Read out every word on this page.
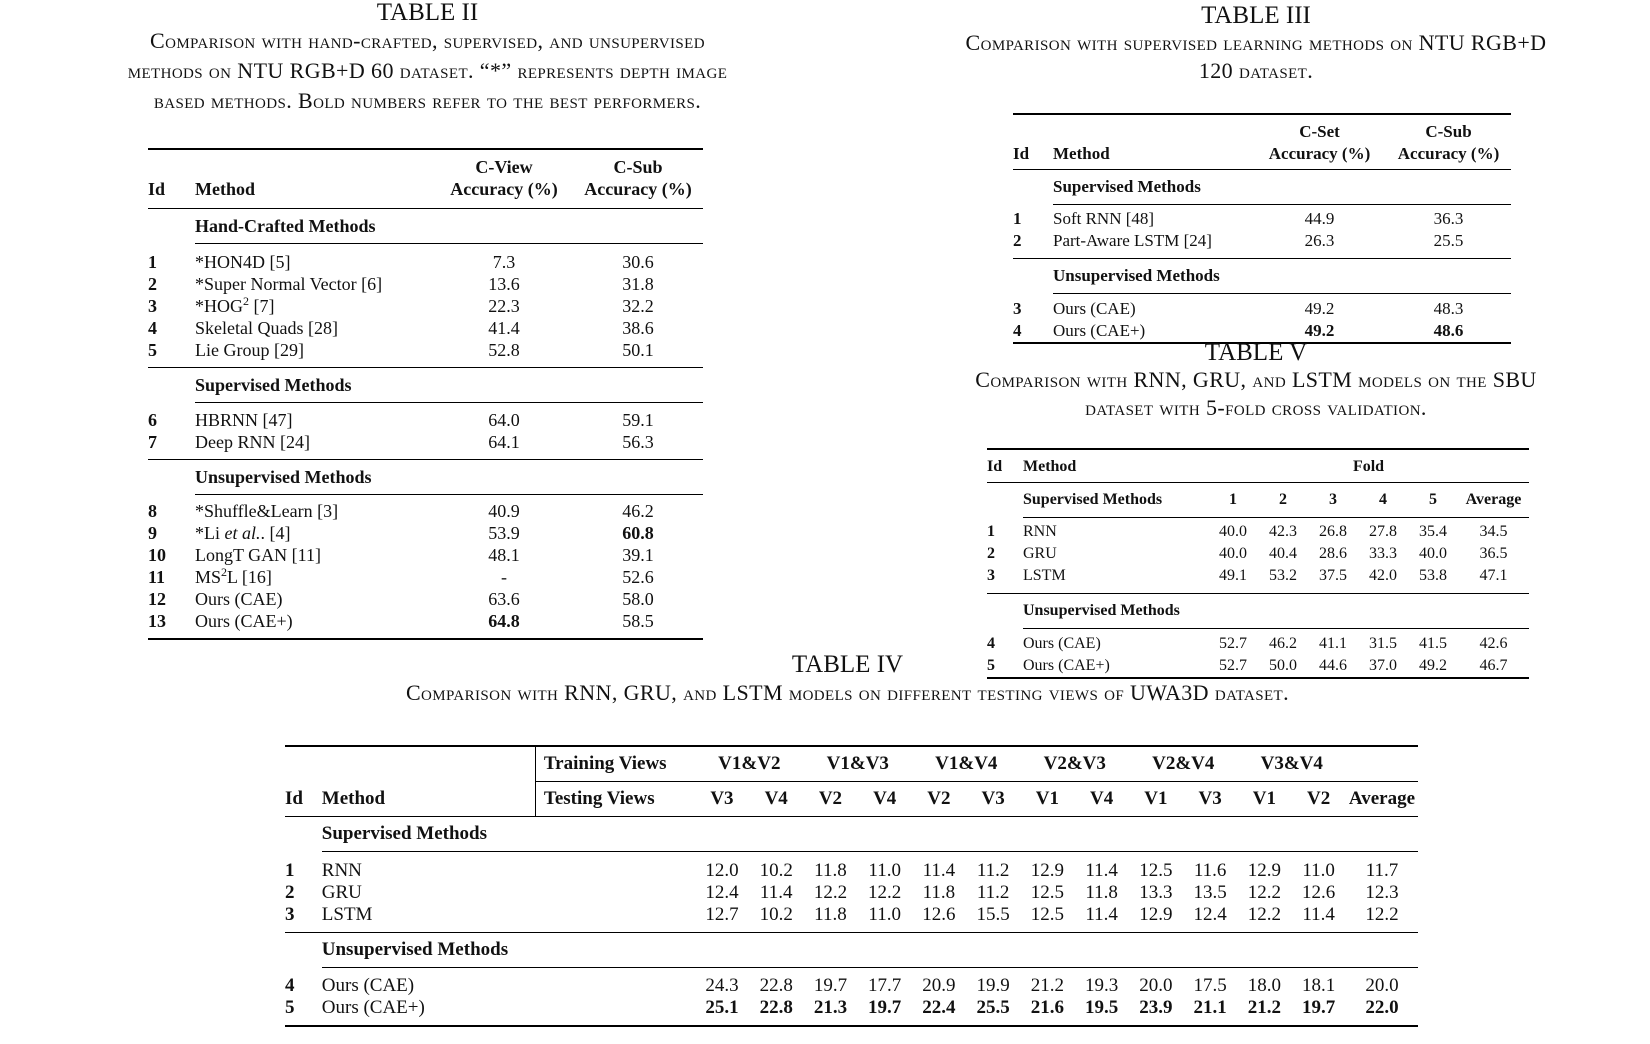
TABLE II
Comparison with hand-crafted, supervised, and unsupervised
methods on NTU RGB+D 60 dataset. “*” represents depth image
based methods. Bold numbers refer to the best performers.
		C-View	C-Sub
Id	Method	Accuracy (%)	Accuracy (%)

	Hand-Crafted Methods		

1	*HON4D [5]	7.3	30.6
2	*Super Normal Vector [6]	13.6	31.8
3	*HOG$^2$ [7]	22.3	32.2
4	Skeletal Quads [28]	41.4	38.6
5	Lie Group [29]	52.8	50.1
	Supervised Methods		

6	HBRNN [47]	64.0	59.1
7	Deep RNN [24]	64.1	56.3
	Unsupervised Methods		

8	*Shuffle&Learn [3]	40.9	46.2
9	*Li et al.. [4]	53.9	60.8
10	LongT GAN [11]	48.1	39.1
11	$MS^2L$ [16]	-	52.6
12	Ours (CAE)	63.6	58.0
13	Ours (CAE+)	64.8	58.5
TABLE III
Comparison with supervised learning methods on NTU RGB+D
120 dataset.
		C-Set	C-Sub
Id	Method	Accuracy (%)	Accuracy (%)

	Supervised Methods		

1	Soft RNN [48]	44.9	36.3
2	Part-Aware LSTM [24]	26.3	25.5
	Unsupervised Methods		

3	Ours (CAE)	49.2	48.3
4	Ours (CAE+)	49.2	48.6
TABLE V
Comparison with RNN, GRU, and LSTM models on the SBU
dataset with 5-fold cross validation.
Id	Method	Fold					

	Supervised Methods	1	2	3	4	5	Average

1	RNN	40.0	42.3	26.8	27.8	35.4	34.5
2	GRU	40.0	40.4	28.6	33.3	40.0	36.5
3	LSTM	49.1	53.2	37.5	42.0	53.8	47.1
	Unsupervised Methods						

4	Ours (CAE)	52.7	46.2	41.1	31.5	41.5	42.6
5	Ours (CAE+)	52.7	50.0	44.6	37.0	49.2	46.7
TABLE IV
Comparison with RNN, GRU, and LSTM models on different testing views of UWA3D dataset.
		Training Views	V1&V2		V1&V3		V1&V4		V2&V3		V2&V4		V3&V4		
Id	Method	Testing Views	V3	V4	V2	V4	V2	V3	V1	V4	V1	V3	V1	V2	Average
	Supervised Methods														

1	RNN		12.0	10.2	11.8	11.0	11.4	11.2	12.9	11.4	12.5	11.6	12.9	11.0	11.7
2	GRU		12.4	11.4	12.2	12.2	11.8	11.2	12.5	11.8	13.3	13.5	12.2	12.6	12.3
3	LSTM		12.7	10.2	11.8	11.0	12.6	15.5	12.5	11.4	12.9	12.4	12.2	11.4	12.2
	Unsupervised Methods														

4	Ours (CAE)		24.3	22.8	19.7	17.7	20.9	19.9	21.2	19.3	20.0	17.5	18.0	18.1	20.0
5	Ours (CAE+)		25.1	22.8	21.3	19.7	22.4	25.5	21.6	19.5	23.9	21.1	21.2	19.7	22.0
